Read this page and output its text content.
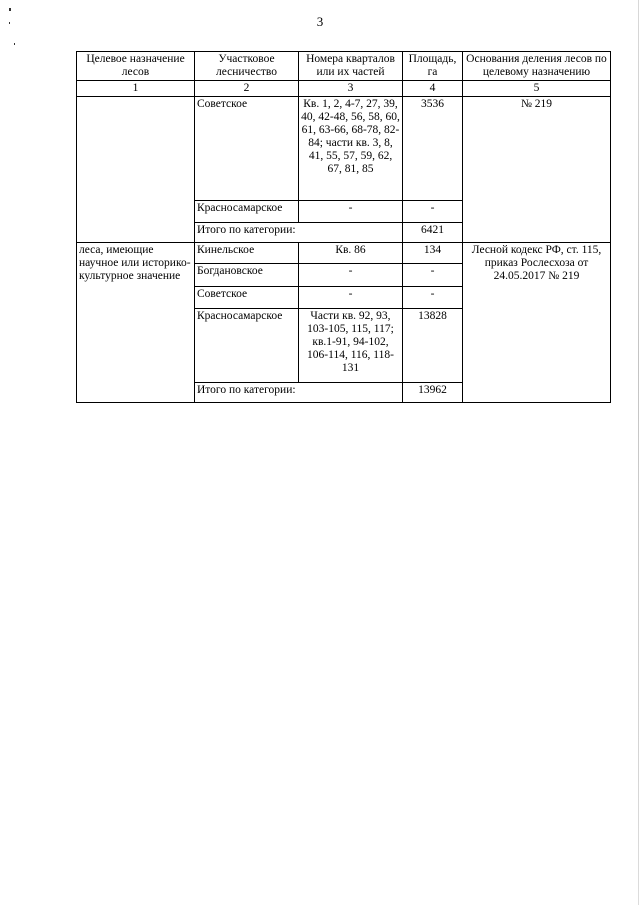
3
Целевое назначение лесов	Участковое лесничество	Номера кварталов или их частей	Площадь, га	Основания деления лесов по целевому назначению
1	2	3	4	5
	Советское	Кв. 1, 2, 4-7, 27, 39, 40, 42-48, 56, 58, 60, 61, 63-66, 68-78, 82-84; части кв. 3, 8, 41, 55, 57, 59, 62, 67, 81, 85	3536	№ 219
	Красносамарское	-	-	
	Итого по категории:		6421	
леса, имеющие научное или историко-культурное значение	Кинельское	Кв. 86	134	Лесной кодекс РФ, ст. 115, приказ Рослесхоза от 24.05.2017 № 219
	Богдановское	-	-	
	Советское	-	-	
	Красносамарское	Части кв. 92, 93, 103-105, 115, 117; кв.1-91, 94-102, 106-114, 116, 118-131	13828	
	Итого по категории:		13962	
